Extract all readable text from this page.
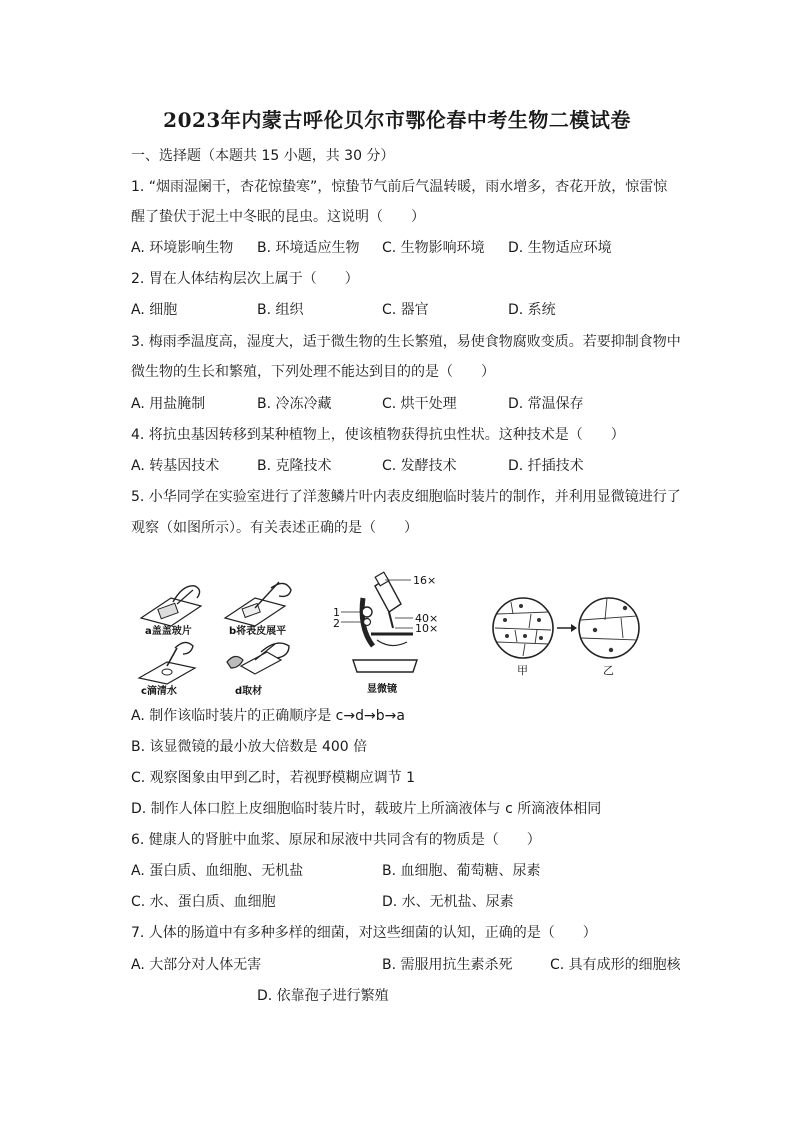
2023年内蒙古呼伦贝尔市鄂伦春中考生物二模试卷
一、选择题（本题共 15 小题，共 30 分）
1. “烟雨湿阑干，杏花惊蛰寒”，惊蛰节气前后气温转暖，雨水增多，杏花开放，惊雷惊
醒了蛰伏于泥土中冬眠的昆虫。这说明（　　）
A. 环境影响生物 B. 环境适应生物 C. 生物影响环境 D. 生物适应环境
2. 胃在人体结构层次上属于（　　）
A. 细胞	B. 组织	C. 器官	D. 系统
3. 梅雨季温度高，湿度大，适于微生物的生长繁殖，易使食物腐败变质。若要抑制食物中
微生物的生长和繁殖，下列处理不能达到目的的是（　　）
A. 用盐腌制	B. 冷冻冷藏	C. 烘干处理	D. 常温保存
4. 将抗虫基因转移到某种植物上，使该植物获得抗虫性状。这种技术是（　　）
A. 转基因技术	B. 克隆技术	C. 发酵技术	D. 扦插技术
5. 小华同学在实验室进行了洋葱鳞片叶内表皮细胞临时装片的制作，并利用显微镜进行了
观察（如图所示）。有关表述正确的是（　　）
a盖盖玻片	b将表皮展平
c滴清水	d取材
1
2
16×
40×
10×
显微镜
甲	乙
A. 制作该临时装片的正确顺序是 c→d→b→a
B. 该显微镜的最小放大倍数是 400 倍
C. 观察图象由甲到乙时，若视野模糊应调节 1
D. 制作人体口腔上皮细胞临时装片时，载玻片上所滴液体与 c 所滴液体相同
6. 健康人的肾脏中血浆、原尿和尿液中共同含有的物质是（　　）
A. 蛋白质、血细胞、无机盐	B. 血细胞、葡萄糖、尿素
C. 水、蛋白质、血细胞	D. 水、无机盐、尿素
7. 人体的肠道中有多种多样的细菌，对这些细菌的认知，正确的是（　　）
A. 大部分对人体无害	B. 需服用抗生素杀死	C. 具有成形的细胞核
D. 依靠孢子进行繁殖
